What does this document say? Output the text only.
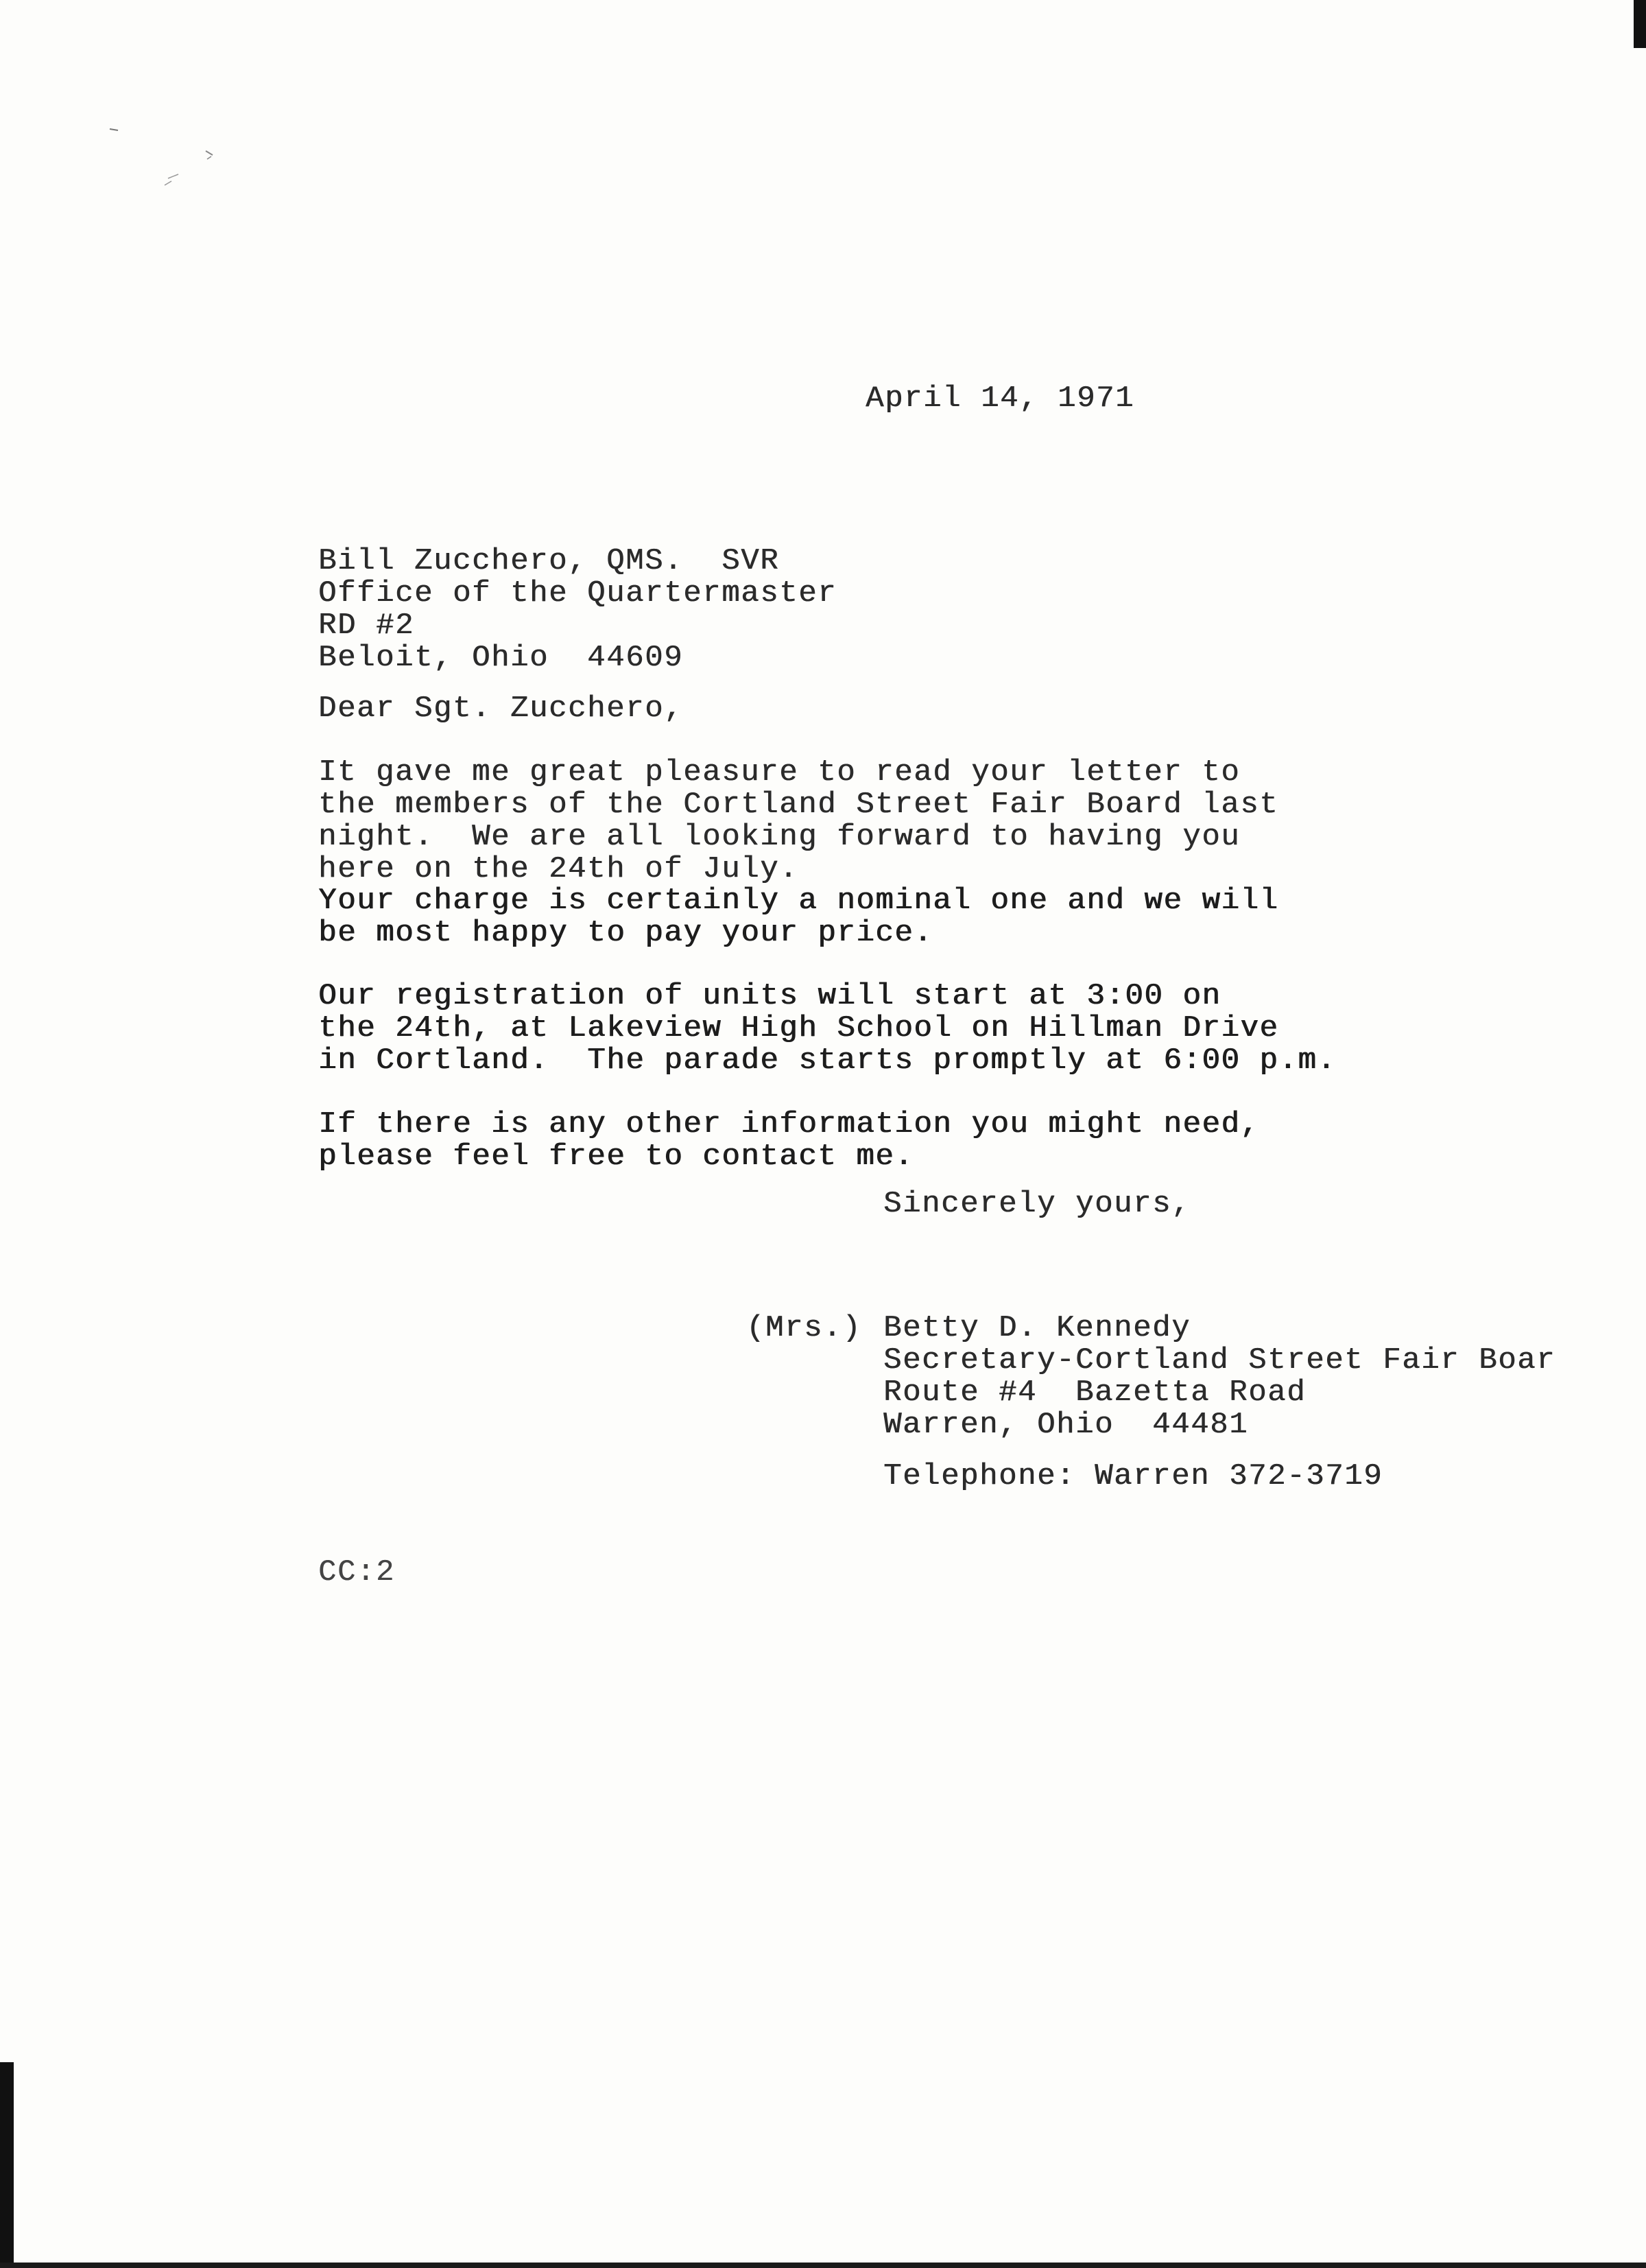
April 14, 1971
Bill Zucchero, QMS.  SVR
Office of the Quartermaster
RD #2
Beloit, Ohio  44609
Dear Sgt. Zucchero,
It gave me great pleasure to read your letter to
the members of the Cortland Street Fair Board last
night.  We are all looking forward to having you
here on the 24th of July.
Your charge is certainly a nominal one and we will
be most happy to pay your price.
Our registration of units will start at 3:00 on
the 24th, at Lakeview High School on Hillman Drive
in Cortland.  The parade starts promptly at 6:00 p.m.
If there is any other information you might need,
please feel free to contact me.
Sincerely yours,
(Mrs.) Betty D. Kennedy
Secretary-Cortland Street Fair Boar
Route #4  Bazetta Road
Warren, Ohio  44481
Telephone: Warren 372-3719
CC:2
